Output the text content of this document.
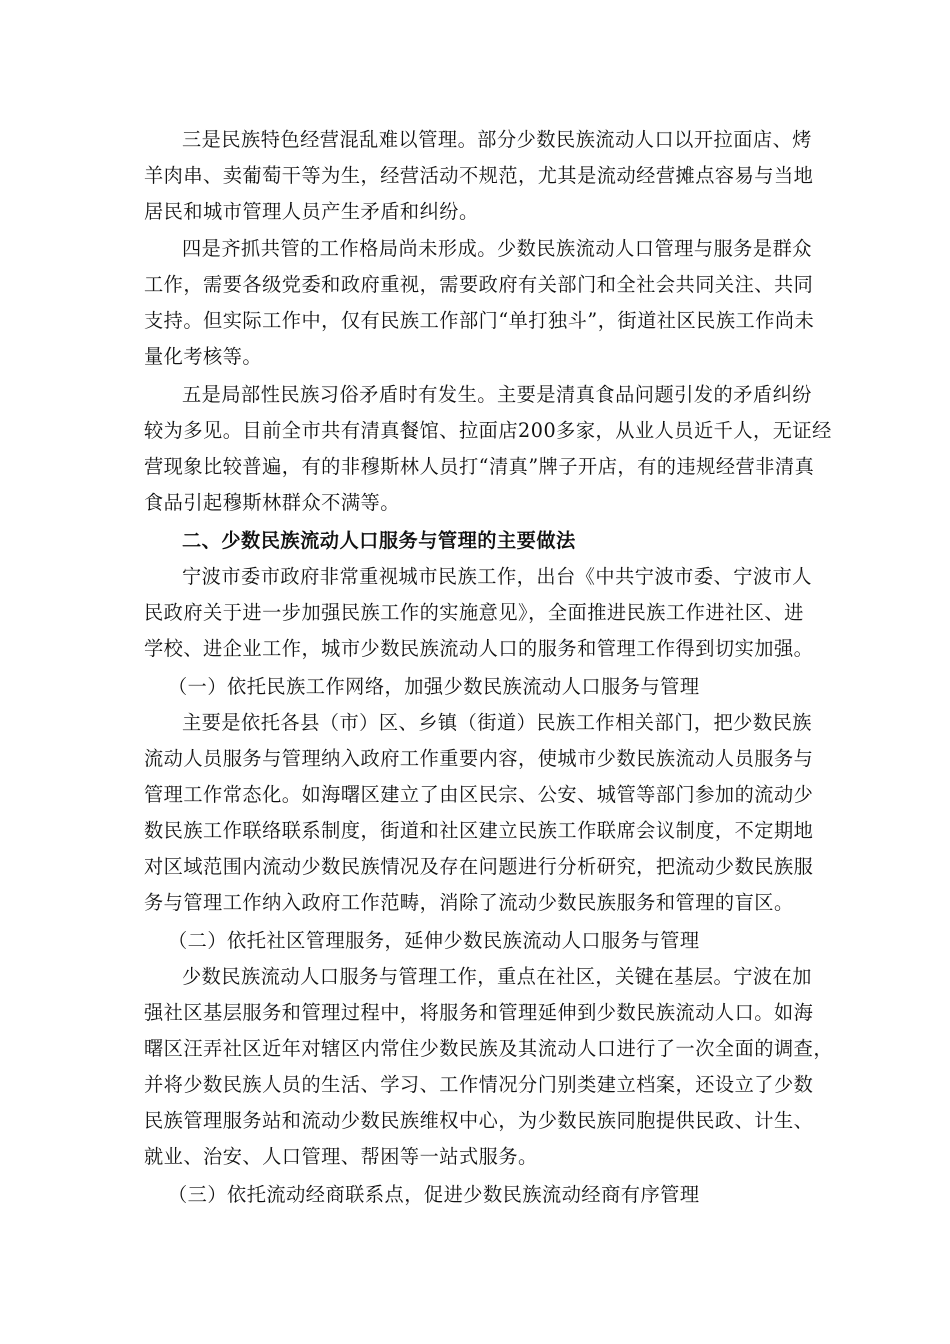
三是民族特色经营混乱难以管理。部分少数民族流动人口以开拉面店、烤
羊肉串、卖葡萄干等为生，经营活动不规范，尤其是流动经营摊点容易与当地
居民和城市管理人员产生矛盾和纠纷。
四是齐抓共管的工作格局尚未形成。少数民族流动人口管理与服务是群众
工作，需要各级党委和政府重视，需要政府有关部门和全社会共同关注、共同
支持。但实际工作中，仅有民族工作部门“单打独斗”，街道社区民族工作尚未
量化考核等。
五是局部性民族习俗矛盾时有发生。主要是清真食品问题引发的矛盾纠纷
较为多见。目前全市共有清真餐馆、拉面店200多家，从业人员近千人，无证经
营现象比较普遍，有的非穆斯林人员打“清真”牌子开店，有的违规经营非清真
食品引起穆斯林群众不满等。
二、少数民族流动人口服务与管理的主要做法
宁波市委市政府非常重视城市民族工作，出台《中共宁波市委、宁波市人
民政府关于进一步加强民族工作的实施意见》，全面推进民族工作进社区、进
学校、进企业工作，城市少数民族流动人口的服务和管理工作得到切实加强。
（一）依托民族工作网络，加强少数民族流动人口服务与管理
主要是依托各县（市）区、乡镇（街道）民族工作相关部门，把少数民族
流动人员服务与管理纳入政府工作重要内容，使城市少数民族流动人员服务与
管理工作常态化。如海曙区建立了由区民宗、公安、城管等部门参加的流动少
数民族工作联络联系制度，街道和社区建立民族工作联席会议制度，不定期地
对区域范围内流动少数民族情况及存在问题进行分析研究，把流动少数民族服
务与管理工作纳入政府工作范畴，消除了流动少数民族服务和管理的盲区。
（二）依托社区管理服务，延伸少数民族流动人口服务与管理
少数民族流动人口服务与管理工作，重点在社区，关键在基层。宁波在加
强社区基层服务和管理过程中，将服务和管理延伸到少数民族流动人口。如海
曙区汪弄社区近年对辖区内常住少数民族及其流动人口进行了一次全面的调查，
并将少数民族人员的生活、学习、工作情况分门别类建立档案，还设立了少数
民族管理服务站和流动少数民族维权中心，为少数民族同胞提供民政、计生、
就业、治安、人口管理、帮困等一站式服务。
（三）依托流动经商联系点，促进少数民族流动经商有序管理
